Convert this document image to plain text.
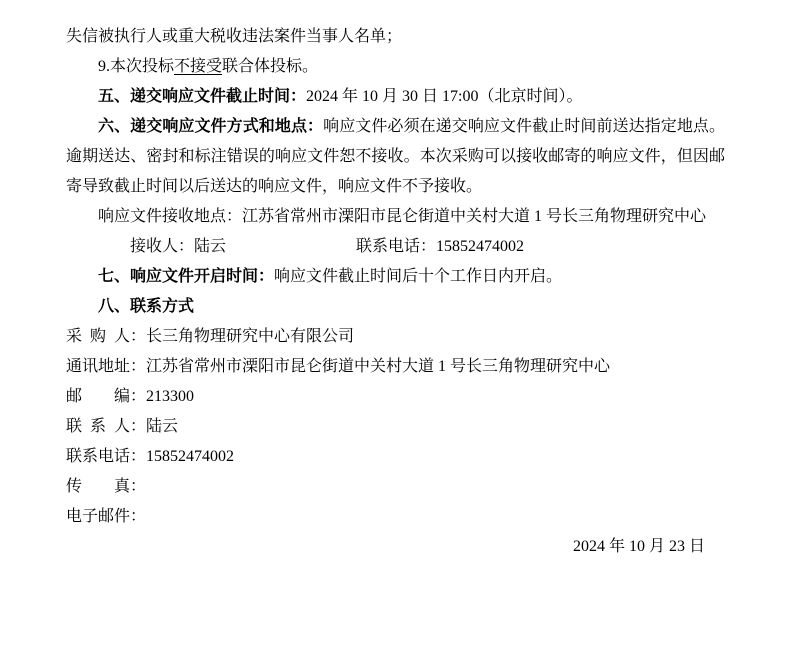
失信被执行人或重大税收违法案件当事人名单；

9.本次投标不接受联合体投标。

五、递交响应文件截止时间：2024 年 10 月 30 日 17:00（北京时间）。

六、递交响应文件方式和地点：响应文件必须在递交响应文件截止时间前送达指定地点。逾期送达、密封和标注错误的响应文件恕不接收。本次采购可以接收邮寄的响应文件，但因邮寄导致截止时间以后送达的响应文件，响应文件不予接收。

响应文件接收地点：江苏省常州市溧阳市昆仑街道中关村大道 1 号长三角物理研究中心

接收人：陆云	联系电话：15852474002

七、响应文件开启时间：响应文件截止时间后十个工作日内开启。

八、联系方式

采购人：长三角物理研究中心有限公司

通讯地址：江苏省常州市溧阳市昆仑街道中关村大道 1 号长三角物理研究中心

邮编：213300

联系人：陆云

联系电话：15852474002

传真：

电子邮件：

2024 年 10 月 23 日
